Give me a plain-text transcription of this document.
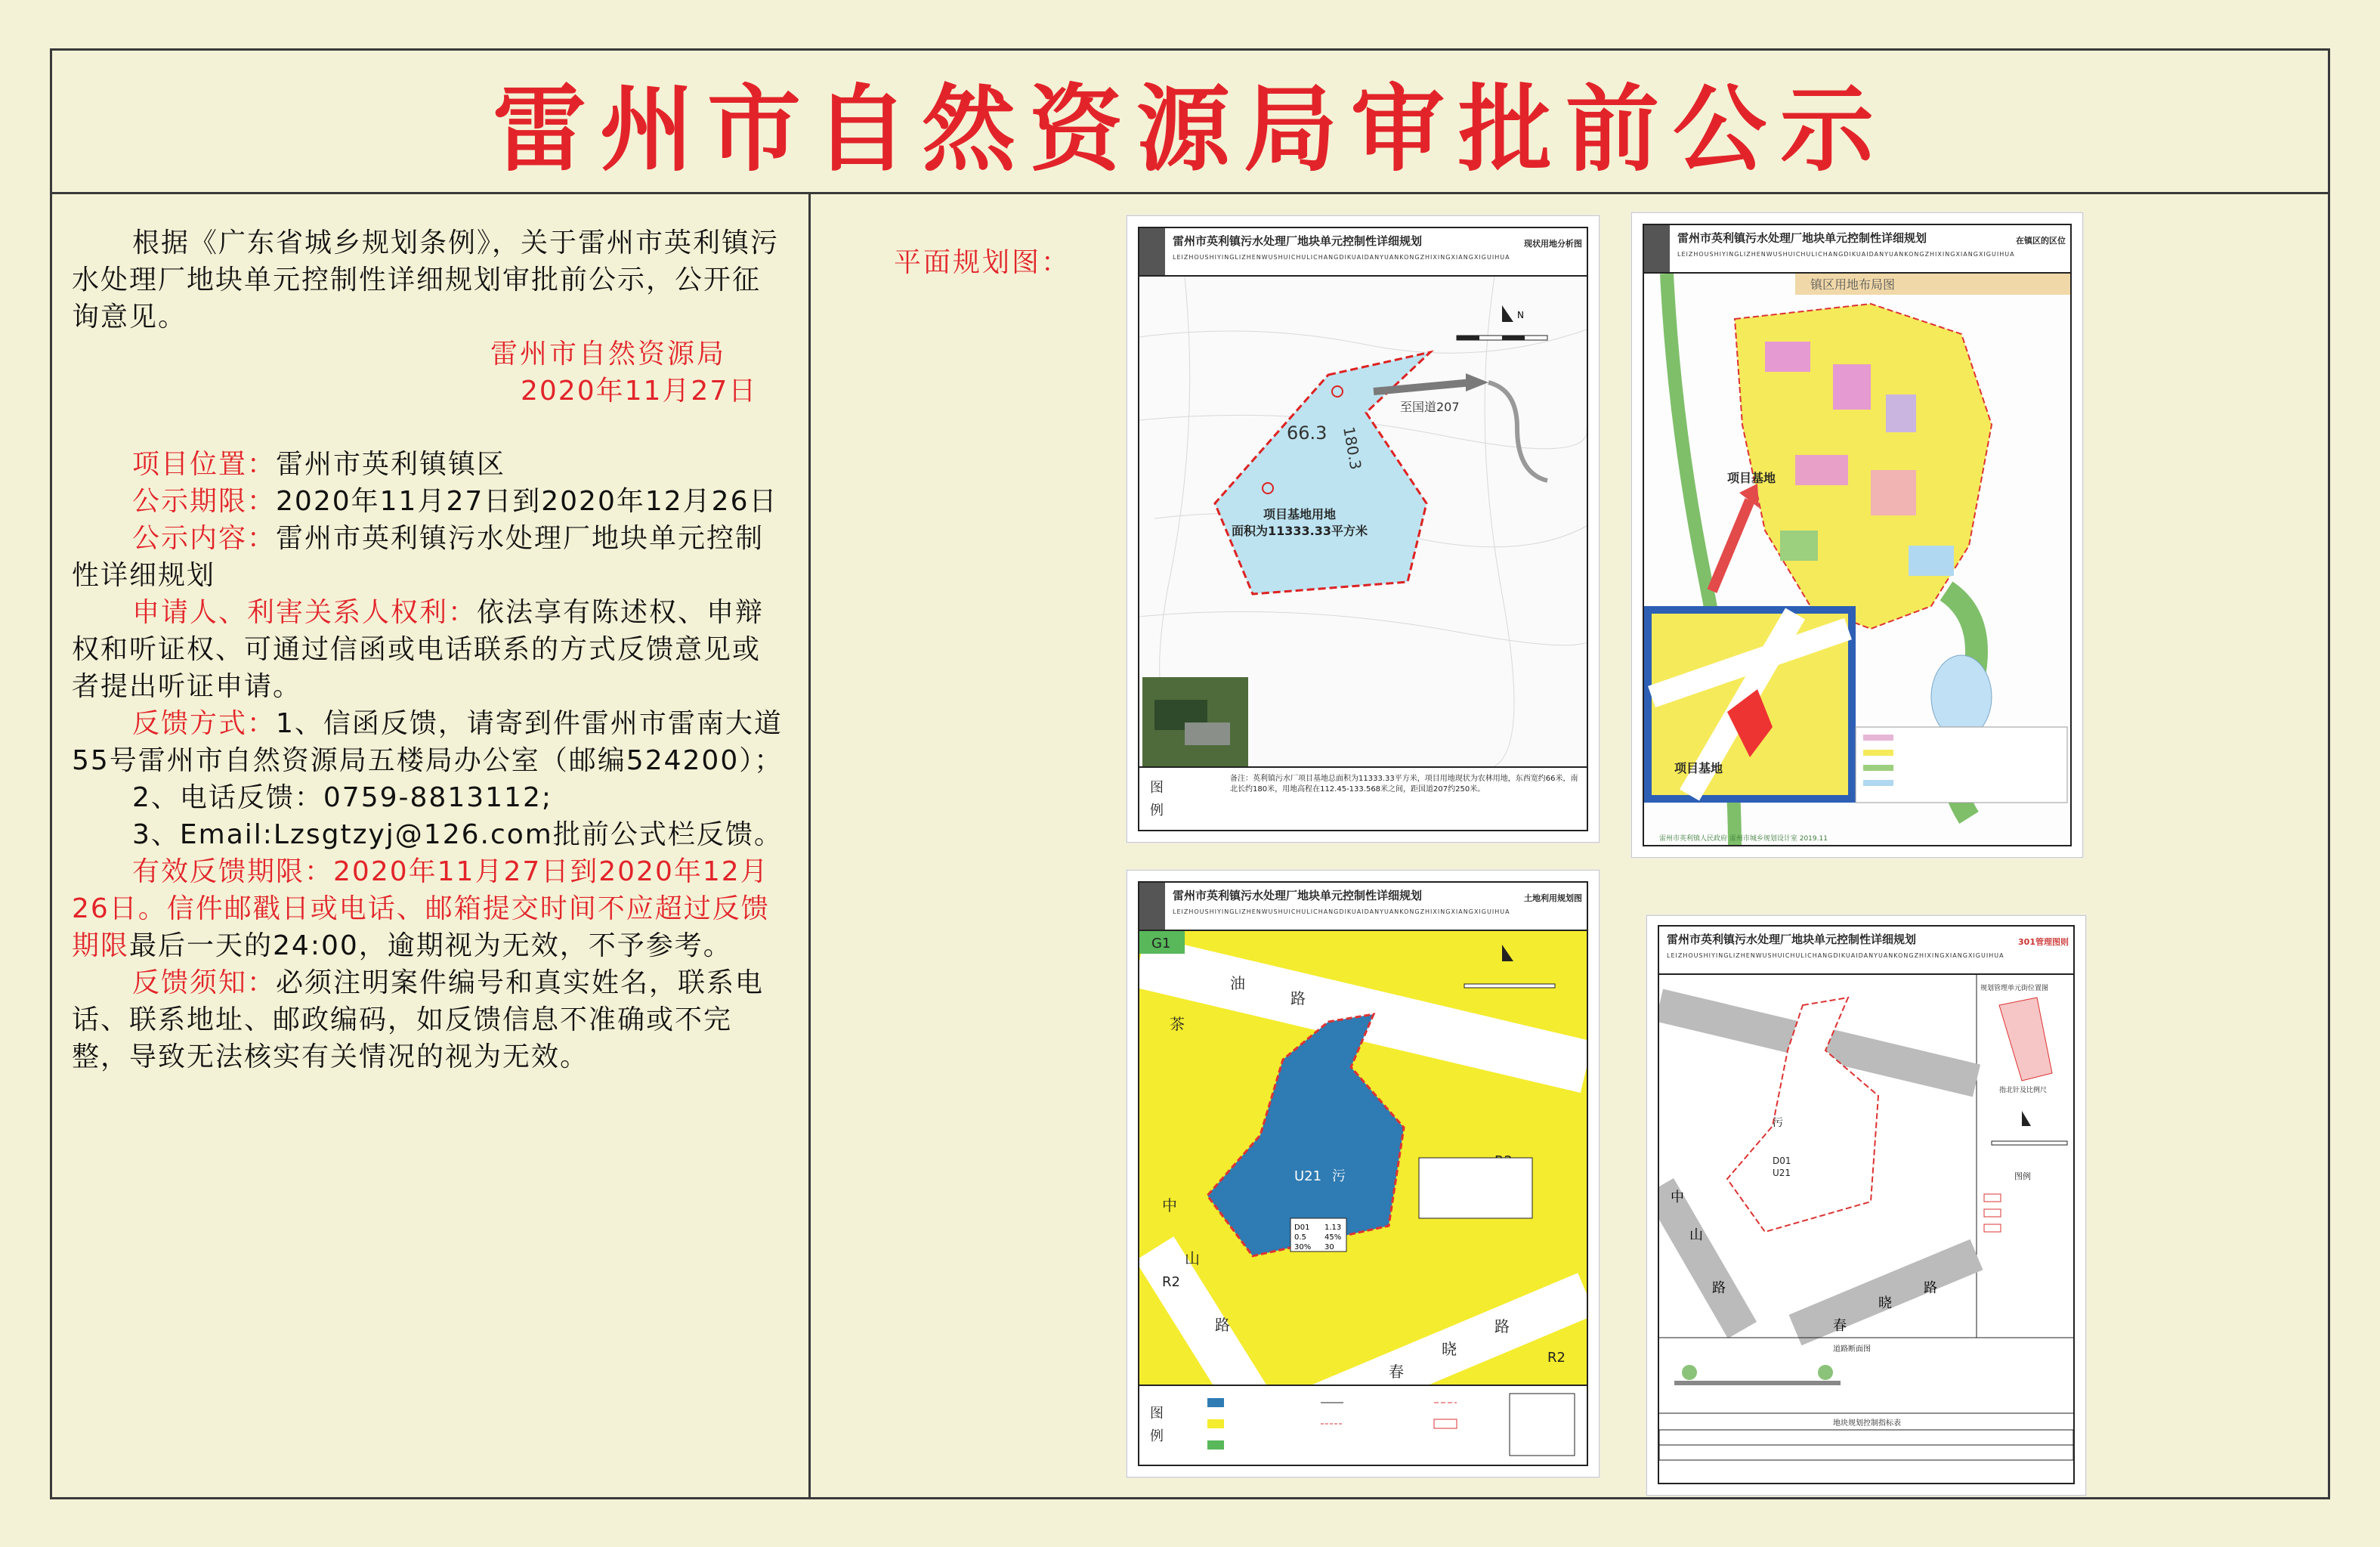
雷州市自然资源局审批前公示

根据《广东省城乡规划条例》，关于雷州市英利镇污水处理厂地块单元控制性详细规划审批前公示，公开征询意见。

雷州市自然资源局

2020年11月27日

项目位置：雷州市英利镇镇区

公示期限：2020年11月27日到2020年12月26日

公示内容：雷州市英利镇污水处理厂地块单元控制性详细规划

申请人、利害关系人权利：依法享有陈述权、申辩权和听证权、可通过信函或电话联系的方式反馈意见或者提出听证申请。

反馈方式：1、信函反馈，请寄到件雷州市雷南大道55号雷州市自然资源局五楼局办公室（邮编524200）；

2、电话反馈：0759-8813112;

3、Email:Lzsgtzyj@126.com批前公式栏反馈。

有效反馈期限：2020年11月27日到2020年12月26日。信件邮戳日或电话、邮箱提交时间不应超过反馈期限最后一天的24:00，逾期视为无效，不予参考。

反馈须知：必须注明案件编号和真实姓名，联系电话、联系地址、邮政编码，如反馈信息不准确或不完整，导致无法核实有关情况的视为无效。

平面规划图：
雷州市英利镇污水处理厂地块单元控制性详细规划
LEIZHOUSHIYINGLIZHENWUSHUICHULICHANGDIKUAIDANYUANKONGZHIXINGXIANGXIGUIHUA
现状用地分析图
66.3 180.3
项目基地用地
面积为11333.33平方米
至国道207
N
图例
备注：英利镇污水厂项目基地总面积为11333.33平方米，项目用地现状为农林用地，东西宽约66米，南北长约180米，用地高程在112.45-133.568米之间，距国道207约250米。
雷州市英利镇污水处理厂地块单元控制性详细规划
LEIZHOUSHIYINGLIZHENWUSHUICHULICHANGDIKUAIDANYUANKONGZHIXINGXIANGXIGUIHUA
在镇区的区位
镇区用地布局图
项目基地
项目基地
雷州市英利镇人民政府 雷州市城乡规划设计室 2019.11
雷州市英利镇污水处理厂地块单元控制性详细规划
LEIZHOUSHIYINGLIZHENWUSHUICHULICHANGDIKUAIDANYUANKONGZHIXINGXIANGXIGUIHUA
土地利用规划图
G1
R2
R2
U21 污
油
路
茶
中
山
路
春
晓
路
D01 1.13
0.5 45%
30% 30
图例
雷州市英利镇污水处理厂地块单元控制性详细规划
LEIZHOUSHIYINGLIZHENWUSHUICHULICHANGDIKUAIDANYUANKONGZHIXINGXIANGXIGUIHUA
301管理图则
污
D01
U21
中
山
路
春
晓
路
规划管理单元街位置图
指北针及比例尺
图例
道路断面图
地块规划控制指标表
